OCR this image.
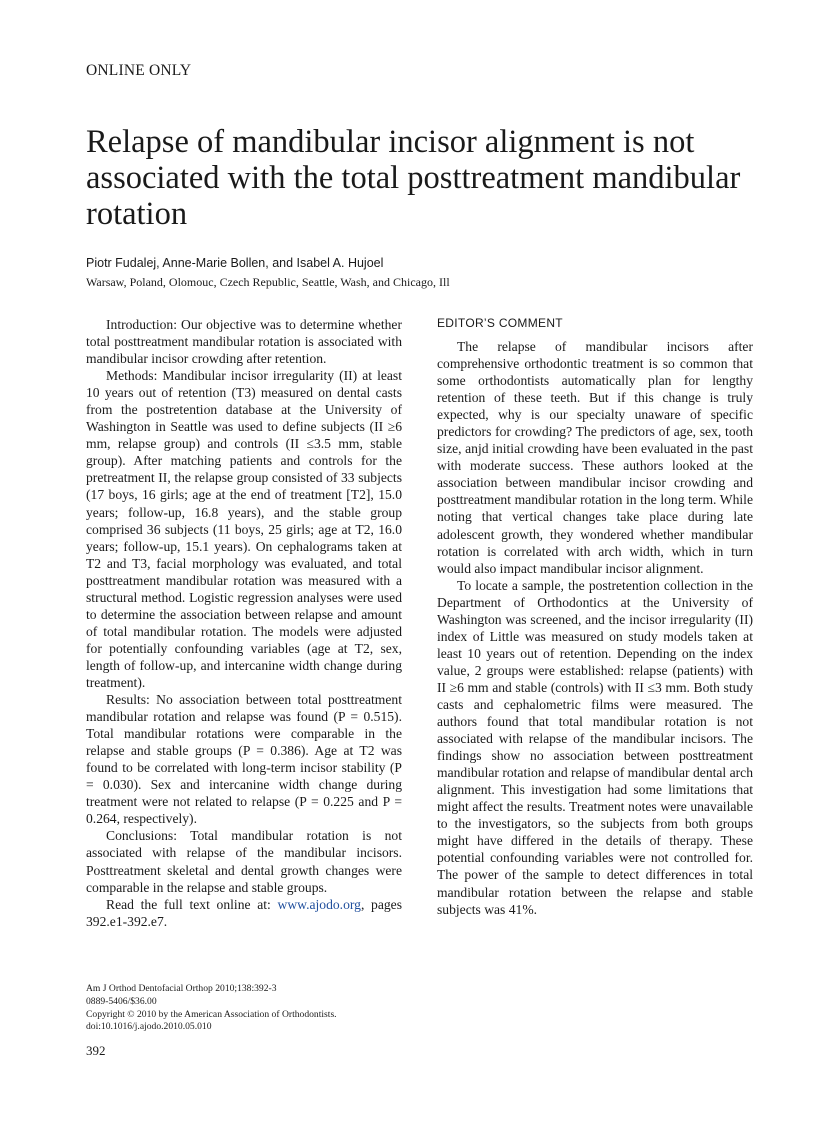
ONLINE ONLY
Relapse of mandibular incisor alignment is not associated with the total posttreatment mandibular rotation
Piotr Fudalej, Anne-Marie Bollen, and Isabel A. Hujoel
Warsaw, Poland, Olomouc, Czech Republic, Seattle, Wash, and Chicago, Ill

Introduction: Our objective was to determine whether total posttreatment mandibular rotation is associated with mandibular incisor crowding after retention.

Methods: Mandibular incisor irregularity (II) at least 10 years out of retention (T3) measured on dental casts from the postretention database at the University of Washington in Seattle was used to define subjects (II ≥6 mm, relapse group) and controls (II ≤3.5 mm, stable group). After matching patients and controls for the pretreatment II, the relapse group consisted of 33 subjects (17 boys, 16 girls; age at the end of treatment [T2], 15.0 years; follow-up, 16.8 years), and the stable group comprised 36 subjects (11 boys, 25 girls; age at T2, 16.0 years; follow-up, 15.1 years). On cephalograms taken at T2 and T3, facial morphology was evaluated, and total posttreatment mandibular rotation was measured with a structural method. Logistic regression analyses were used to determine the association between relapse and amount of total mandibular rotation. The models were adjusted for potentially confounding variables (age at T2, sex, length of follow-up, and intercanine width change during treatment).

Results: No association between total posttreatment mandibular rotation and relapse was found (P = 0.515). Total mandibular rotations were comparable in the relapse and stable groups (P = 0.386). Age at T2 was found to be correlated with long-term incisor stability (P = 0.030). Sex and intercanine width change during treatment were not related to relapse (P = 0.225 and P = 0.264, respectively).

Conclusions: Total mandibular rotation is not associated with relapse of the mandibular incisors. Posttreatment skeletal and dental growth changes were comparable in the relapse and stable groups.

Read the full text online at: www.ajodo.org, pages 392.e1-392.e7.

EDITOR’S COMMENT

The relapse of mandibular incisors after comprehensive orthodontic treatment is so common that some orthodontists automatically plan for lengthy retention of these teeth. But if this change is truly expected, why is our specialty unaware of specific predictors for crowding? The predictors of age, sex, tooth size, anjd initial crowding have been evaluated in the past with moderate success. These authors looked at the association between mandibular incisor crowding and posttreatment mandibular rotation in the long term. While noting that vertical changes take place during late adolescent growth, they wondered whether mandibular rotation is correlated with arch width, which in turn would also impact mandibular incisor alignment.

To locate a sample, the postretention collection in the Department of Orthodontics at the University of Washington was screened, and the incisor irregularity (II) index of Little was measured on study models taken at least 10 years out of retention. Depending on the index value, 2 groups were established: relapse (patients) with II ≥6 mm and stable (controls) with II ≤3 mm. Both study casts and cephalometric films were measured. The authors found that total mandibular rotation is not associated with relapse of the mandibular incisors. The findings show no association between posttreatment mandibular rotation and relapse of mandibular dental arch alignment. This investigation had some limitations that might affect the results. Treatment notes were unavailable to the investigators, so the subjects from both groups might have differed in the details of therapy. These potential confounding variables were not controlled for. The power of the sample to detect differences in total mandibular rotation between the relapse and stable subjects was 41%.

Am J Orthod Dentofacial Orthop 2010;138:392-3
0889-5406/$36.00
Copyright © 2010 by the American Association of Orthodontists.
doi:10.1016/j.ajodo.2010.05.010
392
